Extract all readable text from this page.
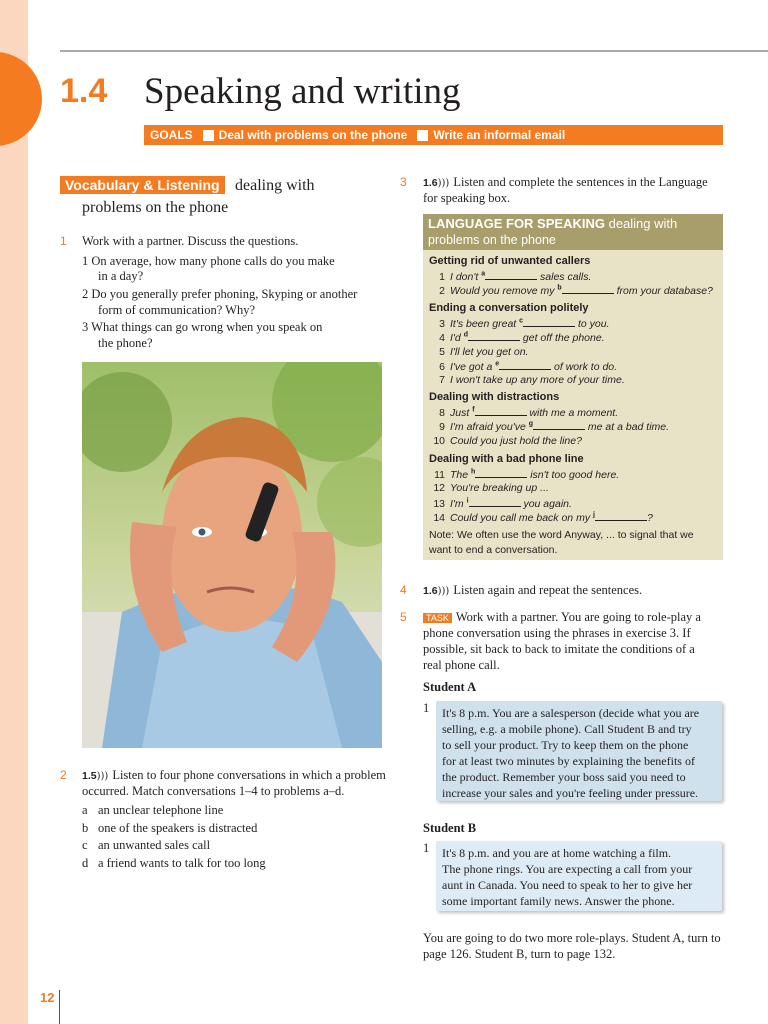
1.4 Speaking and writing
GOALS Deal with problems on the phone Write an informal email
Vocabulary & Listening dealing with
problems on the phone
1 Work with a partner. Discuss the questions.
1 On average, how many phone calls do you make
in a day?
2 Do you generally prefer phoning, Skyping or another
form of communication? Why?
3 What things can go wrong when you speak on
the phone?
2 1.5))) Listen to four phone conversations in which a problem
occurred. Match conversations 1–4 to problems a–d.
a an unclear telephone line
b one of the speakers is distracted
c an unwanted sales call
d a friend wants to talk for too long
3 1.6))) Listen and complete the sentences in the Language
for speaking box.
LANGUAGE FOR SPEAKING dealing with
problems on the phone
Getting rid of unwanted callers
1 I don't $^a$	sales calls.
2 Would you remove my $^b$	from your database?
Ending a conversation politely
3 It's been great $^c$	to you.
4 I'd $^d$	get off the phone.
5 I'll let you get on.
6 I've got a $^e$	of work to do.
7 I won't take up any more of your time.
Dealing with distractions
8 Just $^f$	with me a moment.
9 I'm afraid you've $^g$	me at a bad time.
10 Could you just hold the line?
Dealing with a bad phone line
11 The $^h$	isn't too good here.
12 You're breaking up ...
13 I'm $^i$	you again.
14 Could you call me back on my $^j$	?
Note: We often use the word Anyway, ... to signal that we
want to end a conversation.
4 1.6))) Listen again and repeat the sentences.
5	TASK Work with a partner. You are going to role-play a
phone conversation using the phrases in exercise 3. If
possible, sit back to back to imitate the conditions of a
real phone call.
Student A
1 It's 8 p.m. You are a salesperson (decide what you are
selling, e.g. a mobile phone). Call Student B and try
to sell your product. Try to keep them on the phone
for at least two minutes by explaining the benefits of
the product. Remember your boss said you need to
increase your sales and you're feeling under pressure.
Student B
1 It's 8 p.m. and you are at home watching a film.
The phone rings. You are expecting a call from your
aunt in Canada. You need to speak to her to give her
some important family news. Answer the phone.
You are going to do two more role-plays. Student A, turn to
page 126. Student B, turn to page 132.
12
